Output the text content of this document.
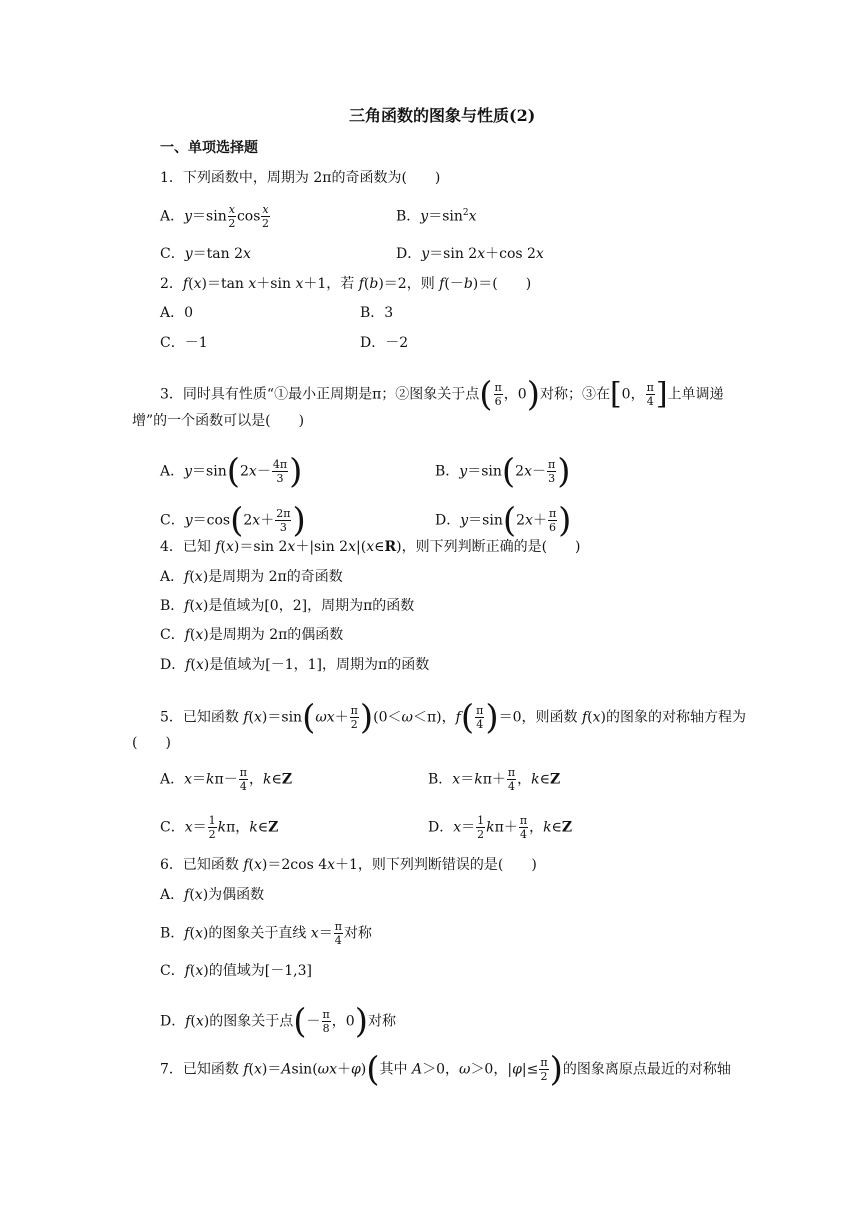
三角函数的图象与性质(2)
一、单项选择题
1．下列函数中，周期为 2π的奇函数为(　　)
A．$y=\sin \frac{x}{2}$ $\cos \frac{x}{2}$	B．$y=\sin^2x$
C．y＝tan 2x	D．y＝sin 2x＋cos 2x
2．f(x)＝tan x＋sin x＋1，若 f(b)＝2，则 f(－b)＝(　　)
A．0	B．3
C．－1	D．－2
3．同时具有性质“①最小正周期是π；②图象关于点( $\frac{\pi}{6}$ ，0)对称；③在[0， $\frac{\pi}{4}$ ]上单调递
增”的一个函数可以是(　　)
A．$y=\sin(2x- \frac{4\pi}{3}$ )	B．$y=\sin(2x- \frac{\pi}{3}$ )
C．$y=\cos(2x+ \frac{2\pi}{3}$ )	D．$y=\sin(2x+ \frac{\pi}{6}$ )
4．已知 f(x)＝sin 2x＋|sin 2x|(x∈R)，则下列判断正确的是(　　)
A．f(x)是周期为 2π的奇函数
B．f(x)是值域为[0，2]，周期为π的函数
C．f(x)是周期为 2π的偶函数
D．f(x)是值域为[－1，1]，周期为π的函数
5．已知函数 $f(x)=\sin(\omega x+ \frac{\pi}{2} )(0<\omega<\pi)$，$f( \frac{\pi}{4} )=0$，则函数 f(x)的图象的对称轴方程为
(　　)
A．$x=k\pi- \frac{\pi}{4}$ ，k∈Z	B．$x=k\pi+ \frac{\pi}{4}$ ，k∈Z
C．$x= \frac{1}{2}$ kπ，k∈Z	D．$x= \frac{1}{2} k\pi+ \frac{\pi}{4}$ ，k∈Z
6．已知函数 f(x)＝2cos 4x＋1，则下列判断错误的是(　　)
A．f(x)为偶函数
B．f(x)的图象关于直线 $x= \frac{\pi}{4}$ 对称
C．f(x)的值域为[－1,3]
D．f(x)的图象关于点(－ $\frac{\pi}{8}$ ，0)对称
7．已知函数 f(x)＝Asin(ωx＋φ)(其中 A＞0，ω＞0，$|\varphi|\le \frac{\pi}{2}$ )的图象离原点最近的对称轴
